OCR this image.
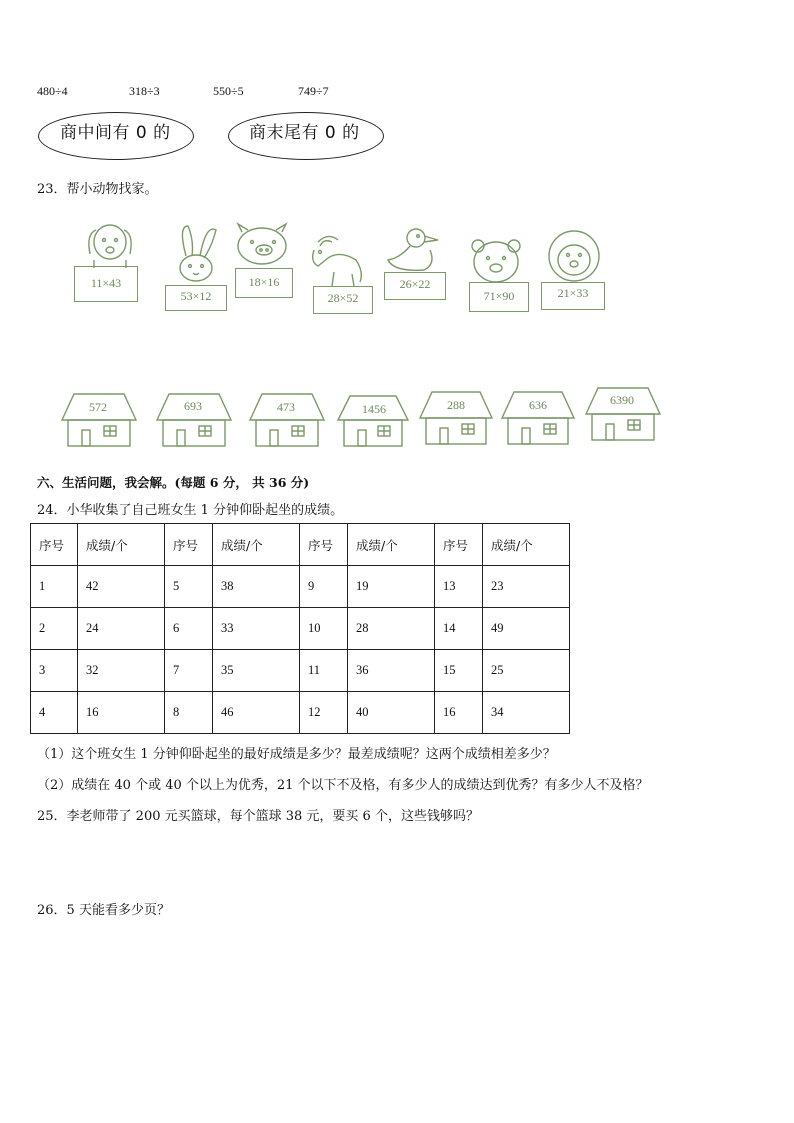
480÷4	318÷3	550÷5	749÷7
商中间有 0 的	商末尾有 0 的
23．帮小动物找家。
11×43
53×12
18×16
28×52
26×22
71×90	21×33
572	693	473	1456	288	636	6390
六、生活问题，我会解。(每题 6 分， 共 36 分)
24．小华收集了自己班女生 1 分钟仰卧起坐的成绩。
序号	成绩/个	序号	成绩/个	序号	成绩/个	序号	成绩/个
1	42	5	38	9	19	13	23
2	24	6	33	10	28	14	49
3	32	7	35	11	36	15	25
4	16	8	46	12	40	16	34
（1）这个班女生 1 分钟仰卧起坐的最好成绩是多少？最差成绩呢？这两个成绩相差多少？
（2）成绩在 40 个或 40 个以上为优秀，21 个以下不及格，有多少人的成绩达到优秀？有多少人不及格？
25．李老师带了 200 元买篮球，每个篮球 38 元，要买 6 个，这些钱够吗？
26．5 天能看多少页？
